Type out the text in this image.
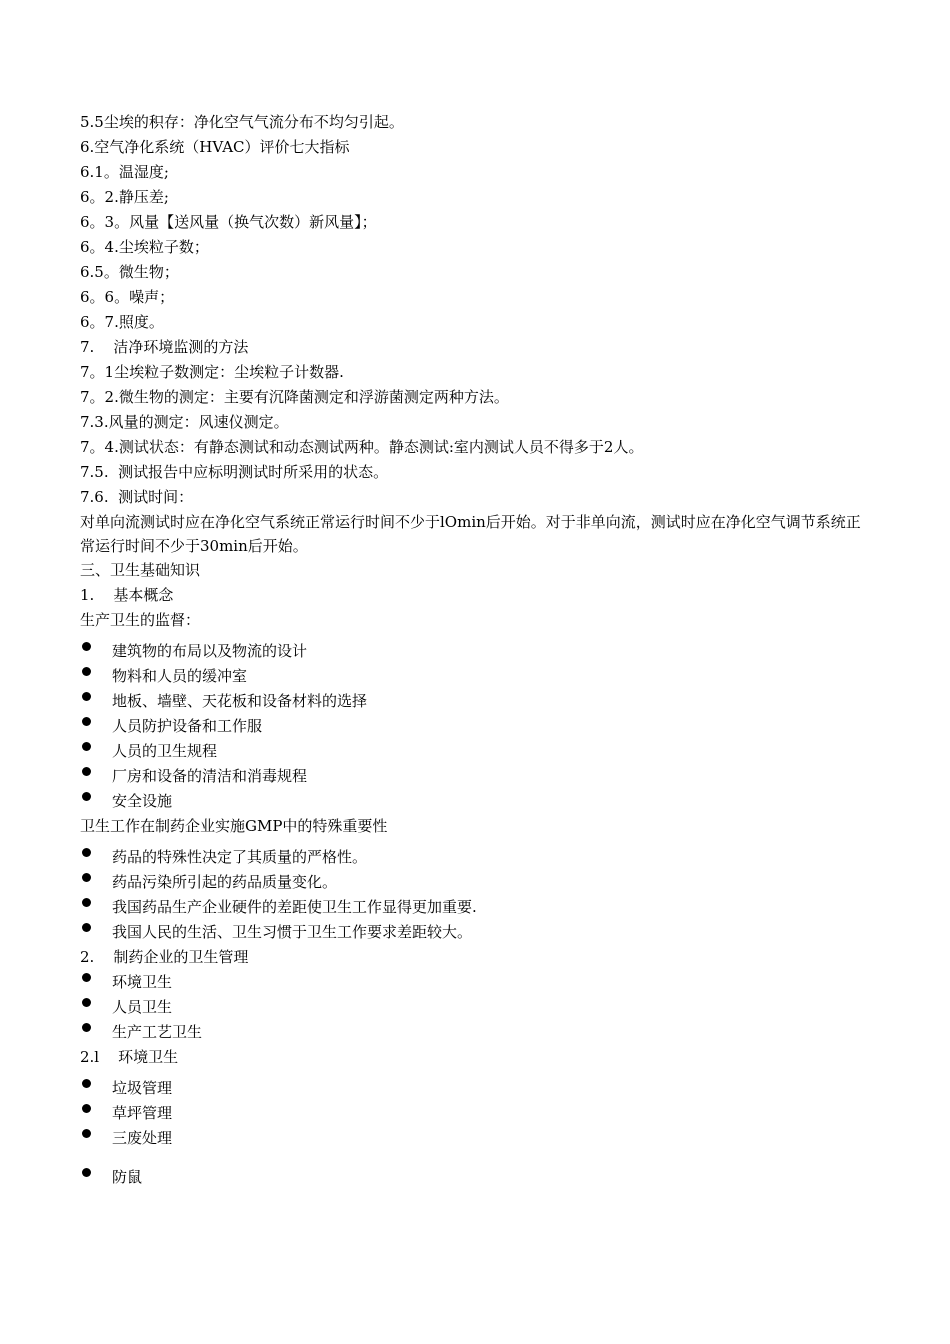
5.5尘埃的积存：净化空气气流分布不均匀引起。
6.空气净化系统（HVAC）评价七大指标
6.1。温湿度;
6。2.静压差;
6。3。风量【送风量（换气次数）新风量】；
6。4.尘埃粒子数；
6.5。微生物；
6。6。噪声；
6。7.照度。
7.    洁净环境监测的方法
7。1尘埃粒子数测定：尘埃粒子计数器.
7。2.微生物的测定：主要有沉降菌测定和浮游菌测定两种方法。
7.3.风量的测定：风速仪测定。
7。4.测试状态：有静态测试和动态测试两种。静态测试:室内测试人员不得多于2人。
7.5.  测试报告中应标明测试时所采用的状态。
7.6.  测试时间：
对单向流测试时应在净化空气系统正常运行时间不少于lOmin后开始。对于非单向流，测试时应在净化空气调节系统正常运行时间不少于30min后开始。
三、卫生基础知识
1.    基本概念
生产卫生的监督：
建筑物的布局以及物流的设计
物料和人员的缓冲室
地板、墙壁、天花板和设备材料的选择
人员防护设备和工作服
人员的卫生规程
厂房和设备的清洁和消毒规程
安全设施
卫生工作在制药企业实施GMP中的特殊重要性
药品的特殊性决定了其质量的严格性。
药品污染所引起的药品质量变化。
我国药品生产企业硬件的差距使卫生工作显得更加重要.
我国人民的生活、卫生习惯于卫生工作要求差距较大。
2.    制药企业的卫生管理
环境卫生
人员卫生
生产工艺卫生
2.l    环境卫生
垃圾管理
草坪管理
三废处理
防鼠
